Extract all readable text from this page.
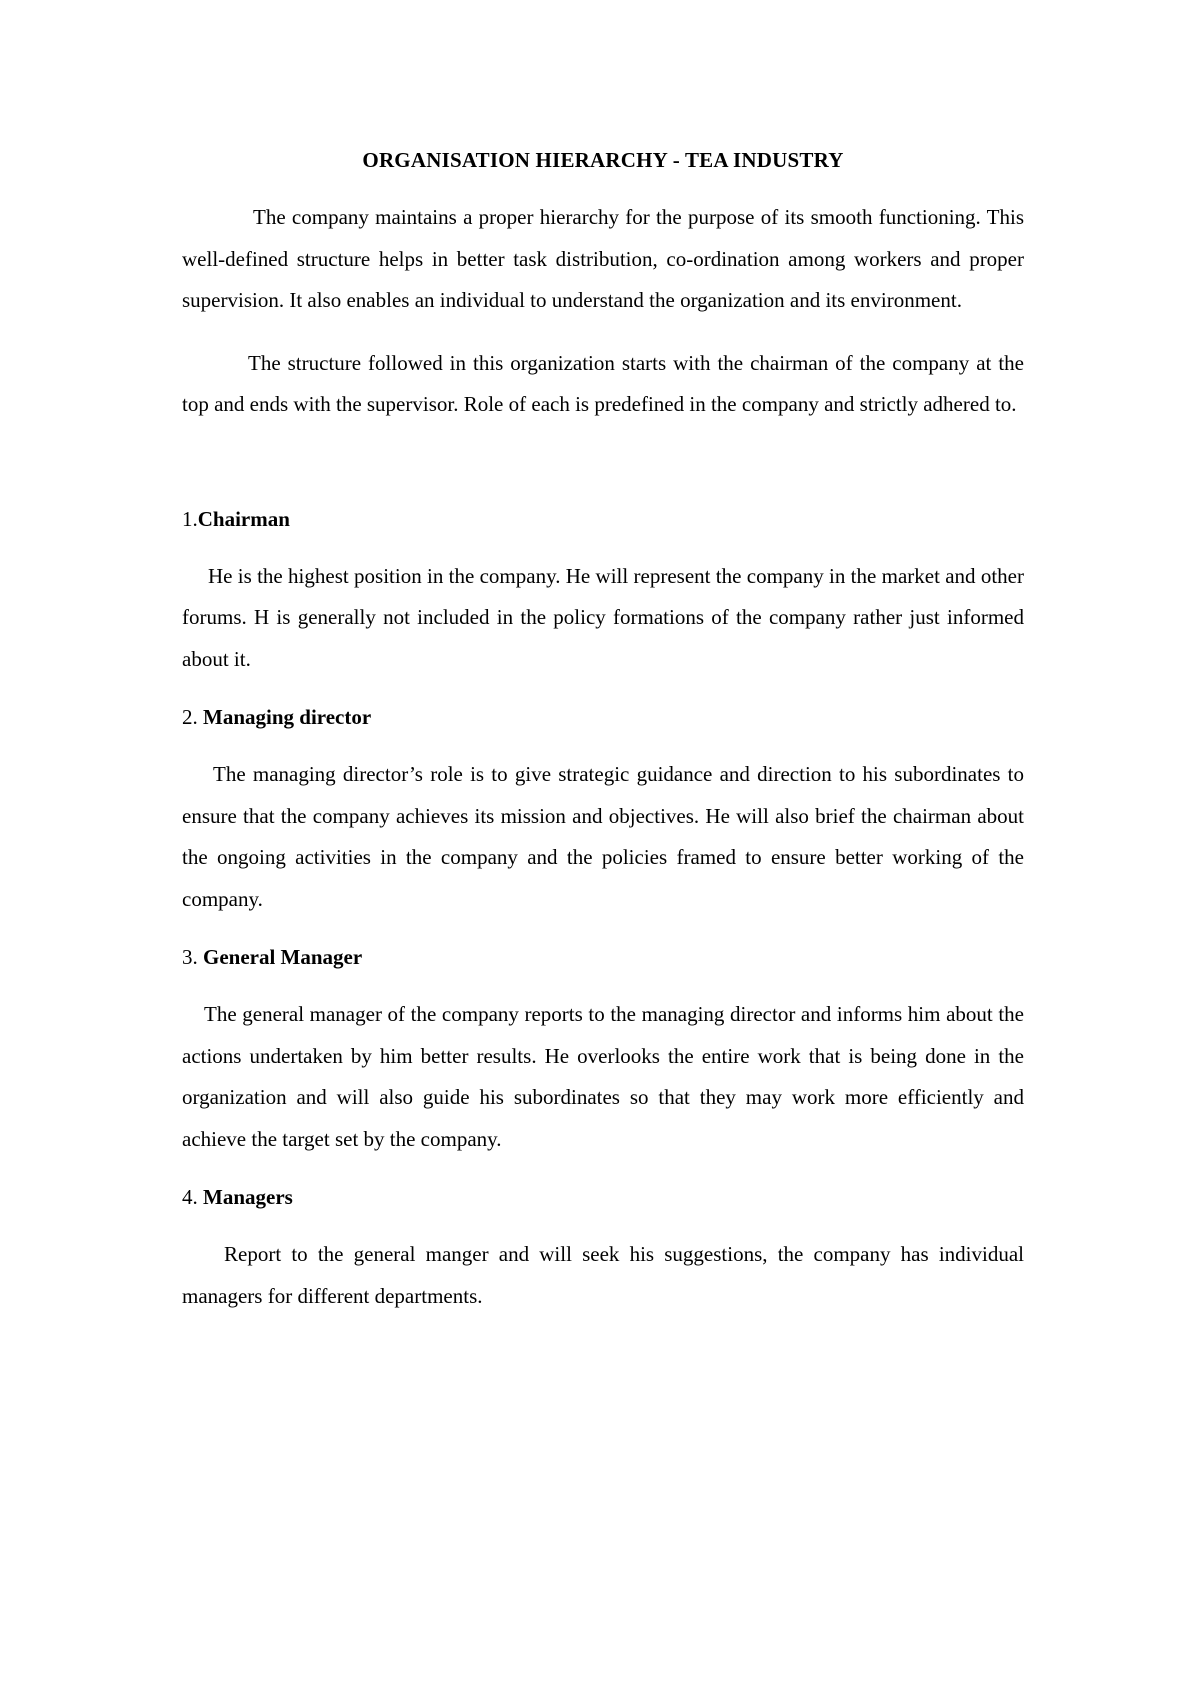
ORGANISATION HIERARCHY - TEA INDUSTRY

The company maintains a proper hierarchy for the purpose of its smooth functioning. This well-defined structure helps in better task distribution, co-ordination among workers and proper supervision. It also enables an individual to understand the organization and its environment.

The structure followed in this organization starts with the chairman of the company at the top and ends with the supervisor. Role of each is predefined in the company and strictly adhered to.

1.Chairman

He is the highest position in the company. He will represent the company in the market and other forums. H is generally not included in the policy formations of the company rather just informed about it.

2. Managing director

The managing director’s role is to give strategic guidance and direction to his subordinates to ensure that the company achieves its mission and objectives. He will also brief the chairman about the ongoing activities in the company and the policies framed to ensure better working of the company.

3. General Manager

The general manager of the company reports to the managing director and informs him about the actions undertaken by him better results. He overlooks the entire work that is being done in the organization and will also guide his subordinates so that they may work more efficiently and achieve the target set by the company.

4. Managers

Report to the general manger and will seek his suggestions, the company has individual managers for different departments.
